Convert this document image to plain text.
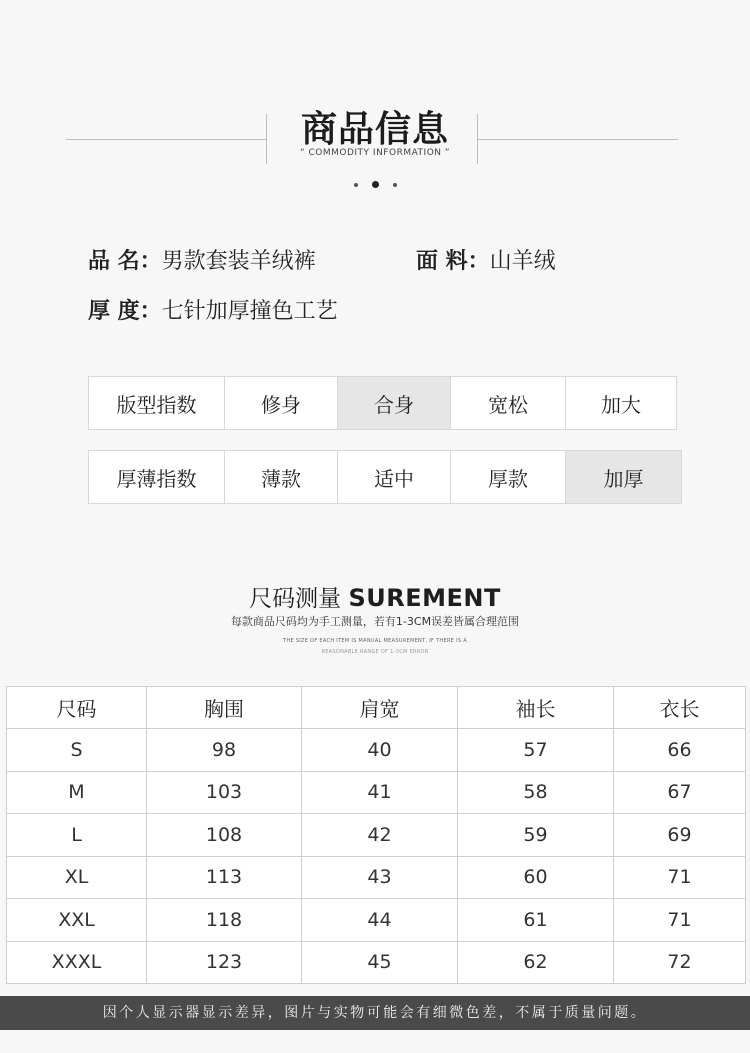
商品信息
“ COMMODITY INFORMATION ”
品 名：男款套装羊绒裤	面 料：山羊绒
厚 度：七针加厚撞色工艺
版型指数	修身	合身	宽松	加大
厚薄指数	薄款	适中	厚款	加厚
尺码测量 SUREMENT
每款商品尺码均为手工测量，若有1-3CM误差皆属合理范围
THE SIZE OF EACH ITEM IS MANUAL MEASUREMENT, IF THERE IS A
REASONABLE RANGE OF 1-3CM ERROR
尺码	胸围	肩宽	袖长	衣长
S	98	40	57	66
M	103	41	58	67
L	108	42	59	69
XL	113	43	60	71
XXL	118	44	61	71
XXXL	123	45	62	72
因个人显示器显示差异，图片与实物可能会有细微色差，不属于质量问题。
